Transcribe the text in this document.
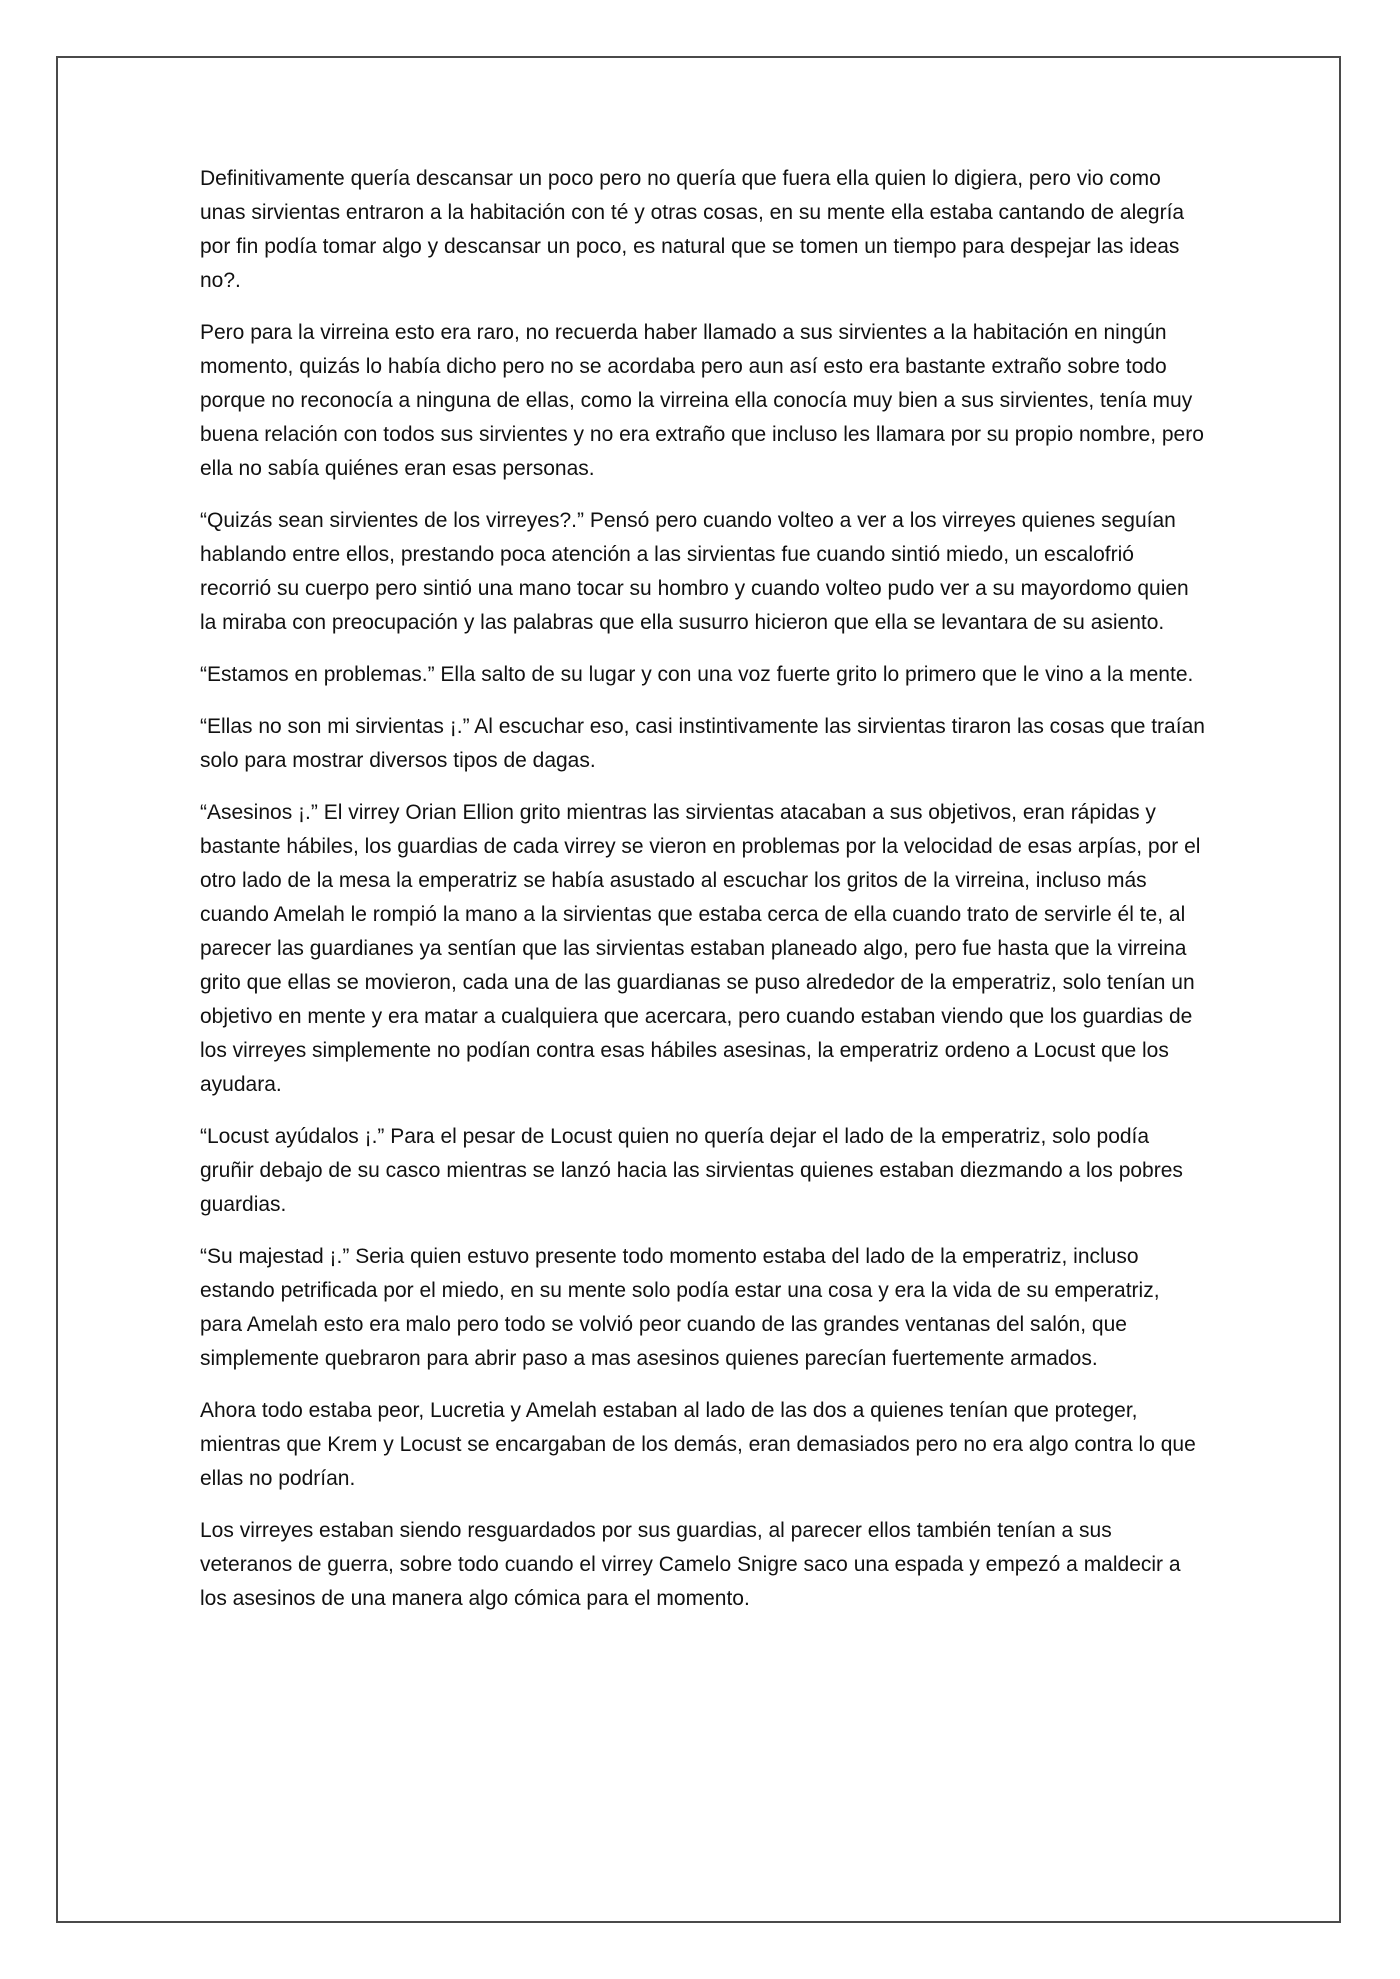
Definitivamente quería descansar un poco pero no quería que fuera ella quien lo digiera, pero vio como unas sirvientas entraron a la habitación con té y otras cosas, en su mente ella estaba cantando de alegría por fin podía tomar algo y descansar un poco, es natural que se tomen un tiempo para despejar las ideas no?.

Pero para la virreina esto era raro, no recuerda haber llamado a sus sirvientes a la habitación en ningún momento, quizás lo había dicho pero no se acordaba pero aun así esto era bastante extraño sobre todo porque no reconocía a ninguna de ellas, como la virreina ella conocía muy bien a sus sirvientes, tenía muy buena relación con todos sus sirvientes y no era extraño que incluso les llamara por su propio nombre, pero ella no sabía quiénes eran esas personas.

“Quizás sean sirvientes de los virreyes?.” Pensó pero cuando volteo a ver a los virreyes quienes seguían hablando entre ellos, prestando poca atención a las sirvientas fue cuando sintió miedo, un escalofrió recorrió su cuerpo pero sintió una mano tocar su hombro y cuando volteo pudo ver a su mayordomo quien la miraba con preocupación y las palabras que ella susurro hicieron que ella se levantara de su asiento.

“Estamos en problemas.” Ella salto de su lugar y con una voz fuerte grito lo primero que le vino a la mente.

“Ellas no son mi sirvientas ¡.” Al escuchar eso, casi instintivamente las sirvientas tiraron las cosas que traían solo para mostrar diversos tipos de dagas.

“Asesinos ¡.” El virrey Orian Ellion grito mientras las sirvientas atacaban a sus objetivos, eran rápidas y bastante hábiles, los guardias de cada virrey se vieron en problemas por la velocidad de esas arpías, por el otro lado de la mesa la emperatriz se había asustado al escuchar los gritos de la virreina, incluso más cuando Amelah le rompió la mano a la sirvientas que estaba cerca de ella cuando trato de servirle él te, al parecer las guardianes ya sentían que las sirvientas estaban planeado algo, pero fue hasta que la virreina grito que ellas se movieron, cada una de las guardianas se puso alrededor de la emperatriz, solo tenían un objetivo en mente y era matar a cualquiera que acercara, pero cuando estaban viendo que los guardias de los virreyes simplemente no podían contra esas hábiles asesinas, la emperatriz ordeno a Locust que los ayudara.

“Locust ayúdalos ¡.” Para el pesar de Locust quien no quería dejar el lado de la emperatriz, solo podía gruñir debajo de su casco mientras se lanzó hacia las sirvientas quienes estaban diezmando a los pobres guardias.

“Su majestad ¡.” Seria quien estuvo presente todo momento estaba del lado de la emperatriz, incluso estando petrificada por el miedo, en su mente solo podía estar una cosa y era la vida de su emperatriz, para Amelah esto era malo pero todo se volvió peor cuando de las grandes ventanas del salón, que simplemente quebraron para abrir paso a mas asesinos quienes parecían fuertemente armados.

Ahora todo estaba peor, Lucretia y Amelah estaban al lado de las dos a quienes tenían que proteger, mientras que Krem y Locust se encargaban de los demás, eran demasiados pero no era algo contra lo que ellas no podrían.

Los virreyes estaban siendo resguardados por sus guardias, al parecer ellos también tenían a sus veteranos de guerra, sobre todo cuando el virrey Camelo Snigre saco una espada y empezó a maldecir a los asesinos de una manera algo cómica para el momento.
